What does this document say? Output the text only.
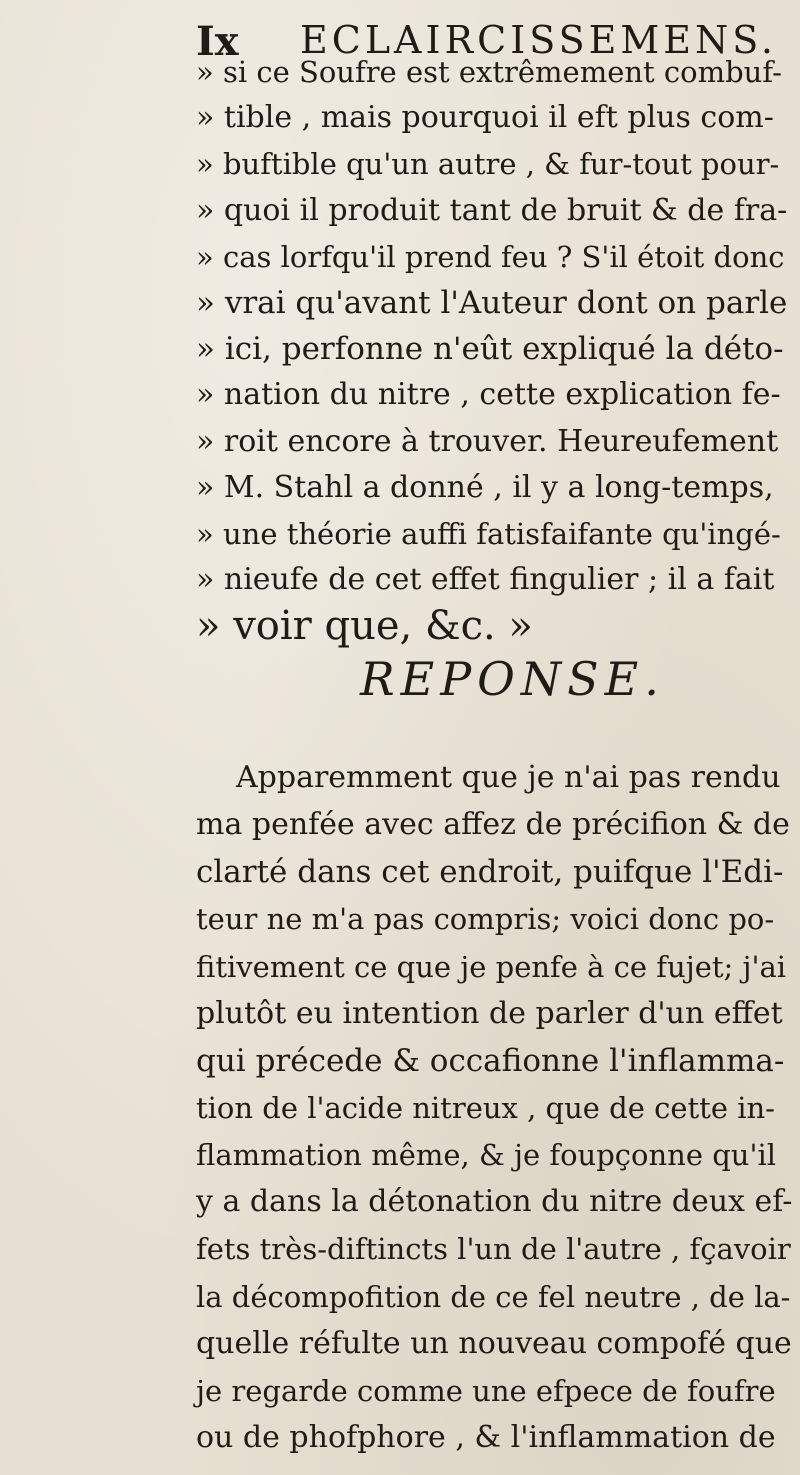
Ix ECLAIRCISSEMENS.
» si ce Soufre est extrêmement combuf-
» tible , mais pourquoi il eft plus com-
» buftible qu'un autre , & fur-tout pour-
» quoi il produit tant de bruit & de fra-
» cas lorfqu'il prend feu ? S'il étoit donc
» vrai qu'avant l'Auteur dont on parle
» ici, perfonne n'eût expliqué la déto-
» nation du nitre , cette explication fe-
» roit encore à trouver. Heureufement
» M. Stahl a donné , il y a long-temps,
» une théorie auffi fatisfaifante qu'ingé-
» nieufe de cet effet fingulier ; il a fait
» voir que, &c. »
REPONSE.
Apparemment que je n'ai pas rendu
ma penfée avec affez de précifion & de
clarté dans cet endroit, puifque l'Edi-
teur ne m'a pas compris; voici donc po-
fitivement ce que je penfe à ce fujet; j'ai
plutôt eu intention de parler d'un effet
qui précede & occafionne l'inflamma-
tion de l'acide nitreux , que de cette in-
flammation même, & je foupçonne qu'il
y a dans la détonation du nitre deux ef-
fets très-diftincts l'un de l'autre , fçavoir
la décompofition de ce fel neutre , de la-
quelle réfulte un nouveau compofé que
je regarde comme une efpece de foufre
ou de phofphore , & l'inflammation de
